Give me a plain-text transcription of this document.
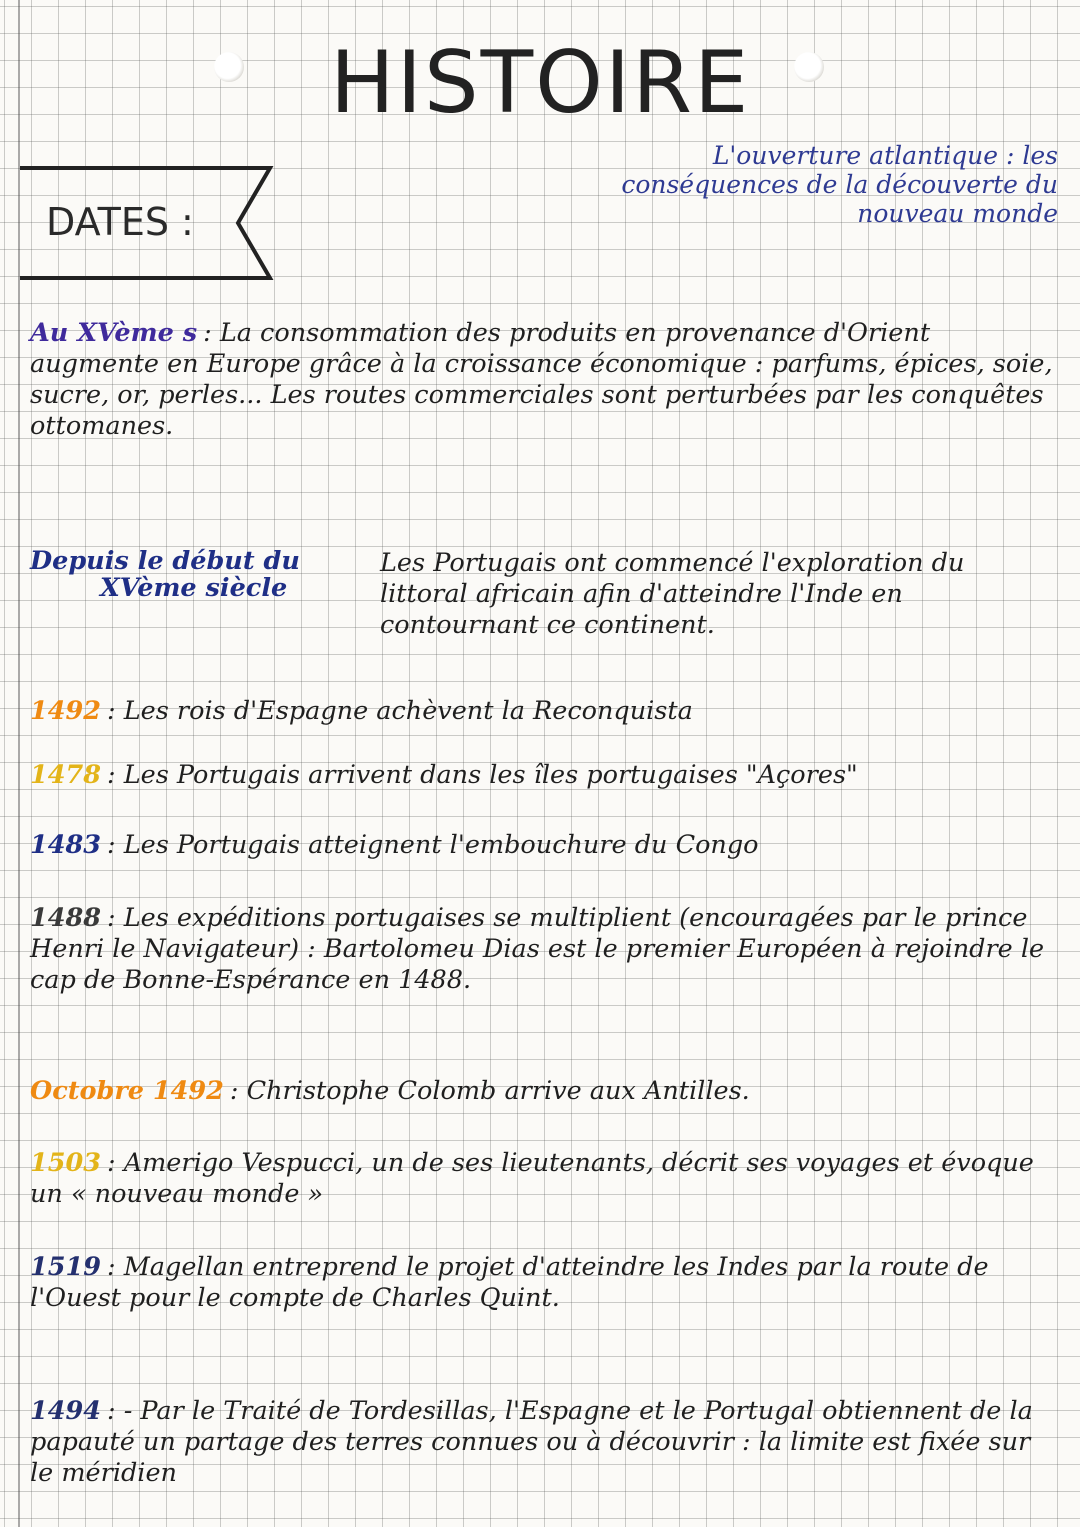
HISTOIRE
DATES :

L'ouverture atlantique : les conséquences de la découverte du nouveau monde

Au XVème s : La consommation des produits en provenance d'Orient augmente en Europe grâce à la croissance économique : parfums, épices, soie, sucre, or, perles... Les routes commerciales sont perturbées par les conquêtes ottomanes.
Depuis le début du
XVème siècle
Les Portugais ont commencé l'exploration du littoral africain afin d'atteindre l'Inde en contournant ce continent.
1492 : Les rois d'Espagne achèvent la Reconquista
1478 : Les Portugais arrivent dans les îles portugaises "Açores"
1483 : Les Portugais atteignent l'embouchure du Congo
1488 : Les expéditions portugaises se multiplient (encouragées par le prince Henri le Navigateur) : Bartolomeu Dias est le premier Européen à rejoindre le cap de Bonne-Espérance en 1488.
Octobre 1492 : Christophe Colomb arrive aux Antilles.
1503 : Amerigo Vespucci, un de ses lieutenants, décrit ses voyages et évoque un « nouveau monde »
1519 : Magellan entreprend le projet d'atteindre les Indes par la route de l'Ouest pour le compte de Charles Quint.
1494 : - Par le Traité de Tordesillas, l'Espagne et le Portugal obtiennent de la papauté un partage des terres connues ou à découvrir : la limite est fixée sur le méridien
